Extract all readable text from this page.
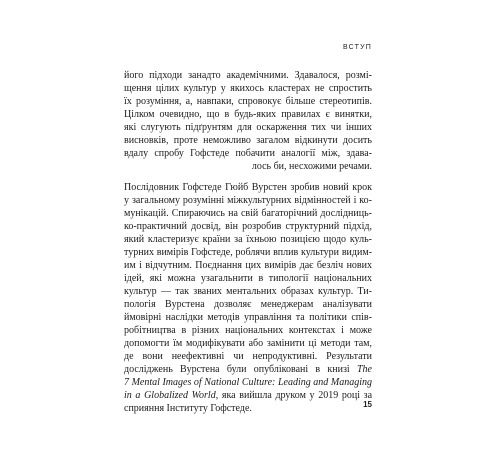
ВСТУП
його підходи занадто академічними. Здавалося, розмі-
щення цілих культур у якихось кластерах не спростить
їх розуміння, а, навпаки, спровокує більше стереотипів.
Цілком очевидно, що в будь-яких правилах є винятки,
які слугують підґрунтям для оскарження тих чи інших
висновків, проте неможливо загалом відкинути досить
вдалу спробу Гофстеде побачити аналогії між, здава-
лось би, несхожими речами.
Послідовник Гофстеде Гюйб Вурстен зробив новий крок
у загальному розумінні міжкультурних відмінностей і ко-
мунікацій. Спираючись на свій багаторічний дослідниць-
ко-практичний досвід, він розробив структурний підхід,
який кластеризує країни за їхньою позицією щодо куль-
турних вимірів Гофстеде, роблячи вплив культури видим-
им і відчутним. Поєднання цих вимірів дає безліч нових
ідей, які можна узагальнити в типології національних
культур — так званих ментальних образах культур. Ти-
пологія Вурстена дозволяє менеджерам аналізувати
ймовірні наслідки методів управління та політики спів-
робітництва в різних національних контекстах і може
допомогти їм модифікувати або замінити ці методи там,
де вони неефективні чи непродуктивні. Результати
досліджень Вурстена були опубліковані в книзі The
7 Mental Images of National Culture: Leading and Managing
in a Globalized World, яка вийшла друком у 2019 році за
сприяння Інституту Гофстеде.	15
